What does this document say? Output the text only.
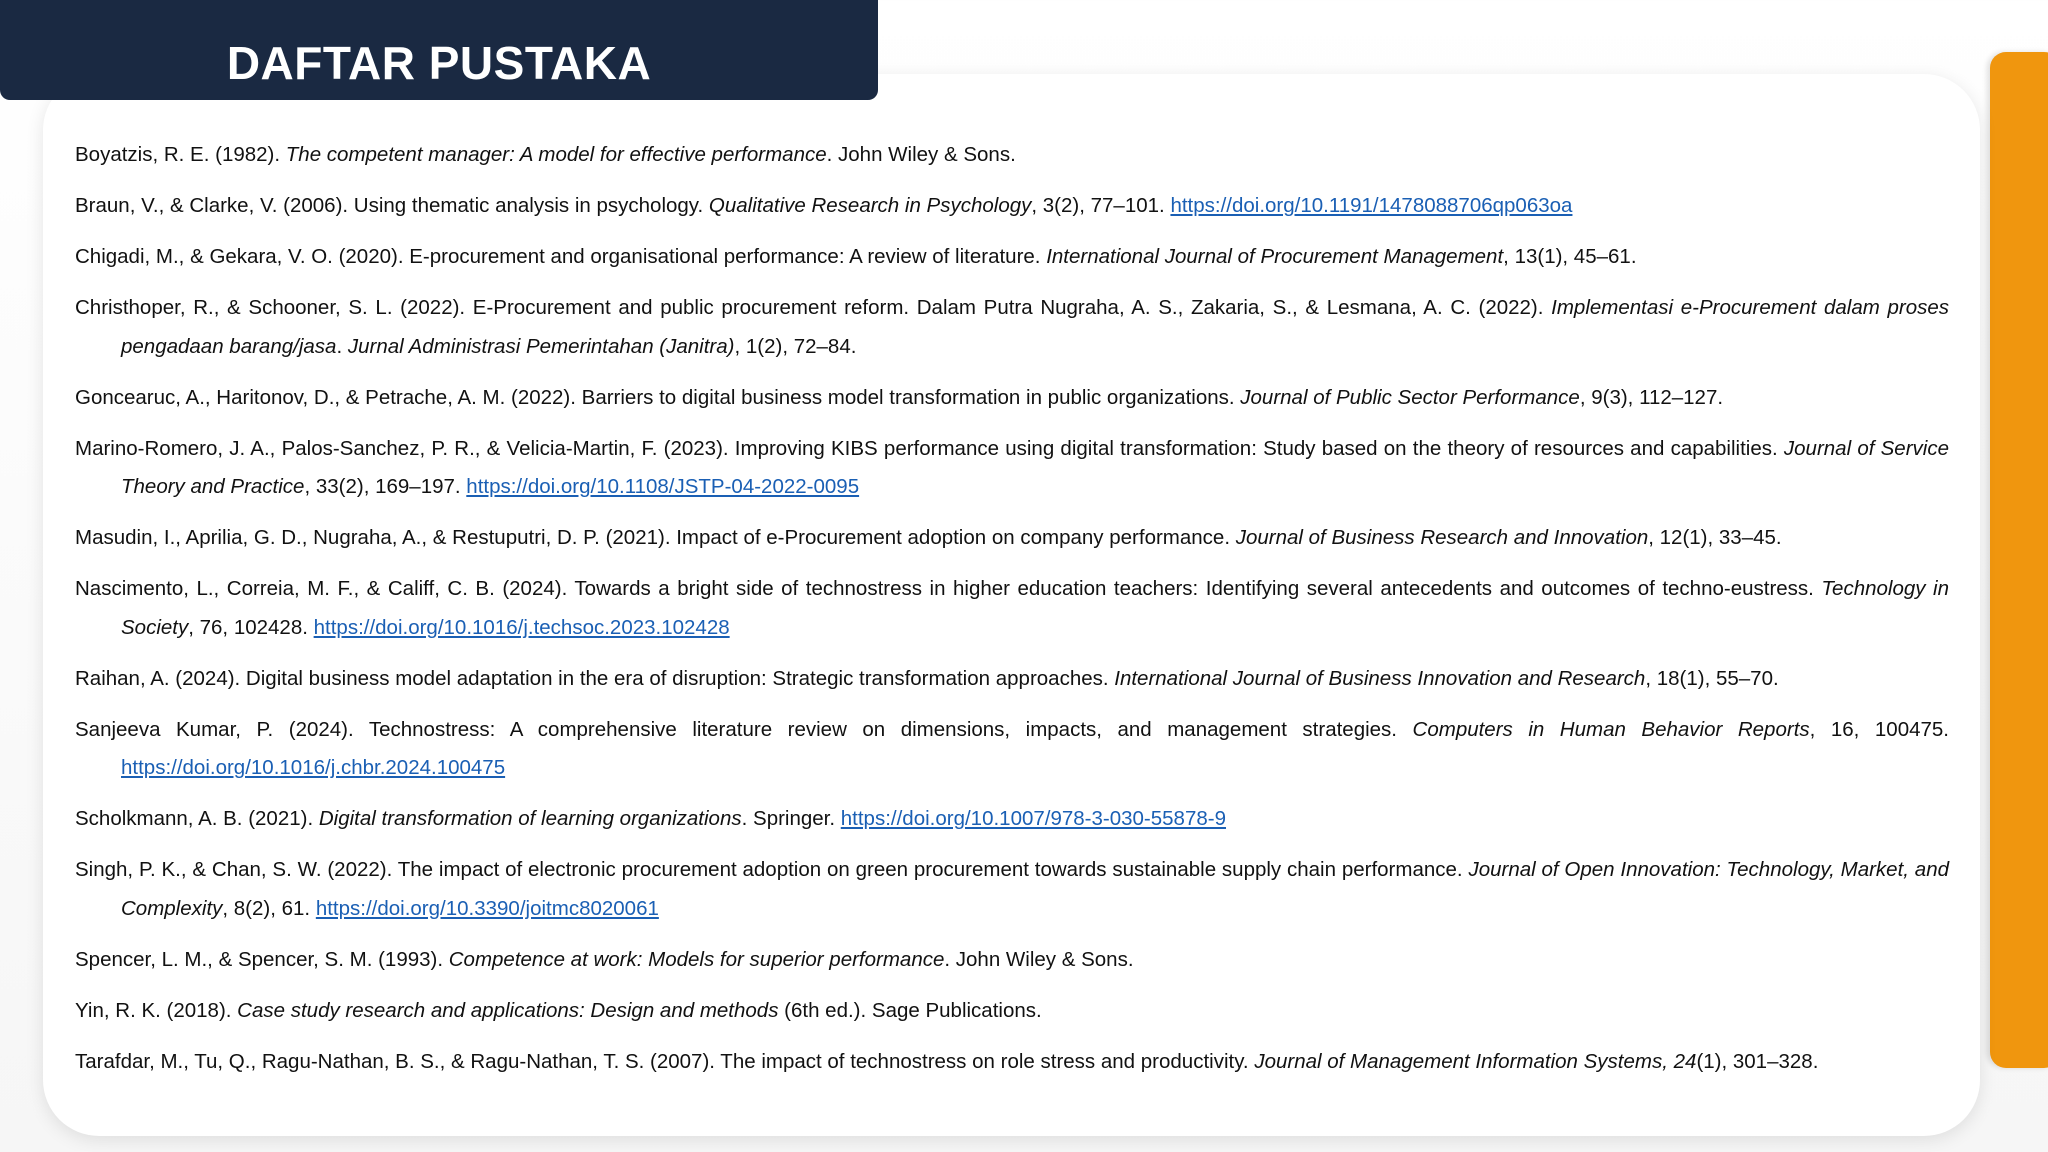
DAFTAR PUSTAKA

Boyatzis, R. E. (1982). The competent manager: A model for effective performance. John Wiley & Sons.

Braun, V., & Clarke, V. (2006). Using thematic analysis in psychology. Qualitative Research in Psychology, 3(2), 77–101. https://doi.org/10.1191/1478088706qp063oa

Chigadi, M., & Gekara, V. O. (2020). E-procurement and organisational performance: A review of literature. International Journal of Procurement Management, 13(1), 45–61.

Christhoper, R., & Schooner, S. L. (2022). E-Procurement and public procurement reform. Dalam Putra Nugraha, A. S., Zakaria, S., & Lesmana, A. C. (2022). Implementasi e-Procurement dalam proses pengadaan barang/jasa. Jurnal Administrasi Pemerintahan (Janitra), 1(2), 72–84.

Goncearuc, A., Haritonov, D., & Petrache, A. M. (2022). Barriers to digital business model transformation in public organizations. Journal of Public Sector Performance, 9(3), 112–127.

Marino-Romero, J. A., Palos-Sanchez, P. R., & Velicia-Martin, F. (2023). Improving KIBS performance using digital transformation: Study based on the theory of resources and capabilities. Journal of Service Theory and Practice, 33(2), 169–197. https://doi.org/10.1108/JSTP-04-2022-0095

Masudin, I., Aprilia, G. D., Nugraha, A., & Restuputri, D. P. (2021). Impact of e-Procurement adoption on company performance. Journal of Business Research and Innovation, 12(1), 33–45.

Nascimento, L., Correia, M. F., & Califf, C. B. (2024). Towards a bright side of technostress in higher education teachers: Identifying several antecedents and outcomes of techno-eustress. Technology in Society, 76, 102428. https://doi.org/10.1016/j.techsoc.2023.102428

Raihan, A. (2024). Digital business model adaptation in the era of disruption: Strategic transformation approaches. International Journal of Business Innovation and Research, 18(1), 55–70.

Sanjeeva Kumar, P. (2024). Technostress: A comprehensive literature review on dimensions, impacts, and management strategies. Computers in Human Behavior Reports, 16, 100475. https://doi.org/10.1016/j.chbr.2024.100475

Scholkmann, A. B. (2021). Digital transformation of learning organizations. Springer. https://doi.org/10.1007/978-3-030-55878-9

Singh, P. K., & Chan, S. W. (2022). The impact of electronic procurement adoption on green procurement towards sustainable supply chain performance. Journal of Open Innovation: Technology, Market, and Complexity, 8(2), 61. https://doi.org/10.3390/joitmc8020061

Spencer, L. M., & Spencer, S. M. (1993). Competence at work: Models for superior performance. John Wiley & Sons.

Yin, R. K. (2018). Case study research and applications: Design and methods (6th ed.). Sage Publications.

Tarafdar, M., Tu, Q., Ragu-Nathan, B. S., & Ragu-Nathan, T. S. (2007). The impact of technostress on role stress and productivity. Journal of Management Information Systems, 24(1), 301–328.
